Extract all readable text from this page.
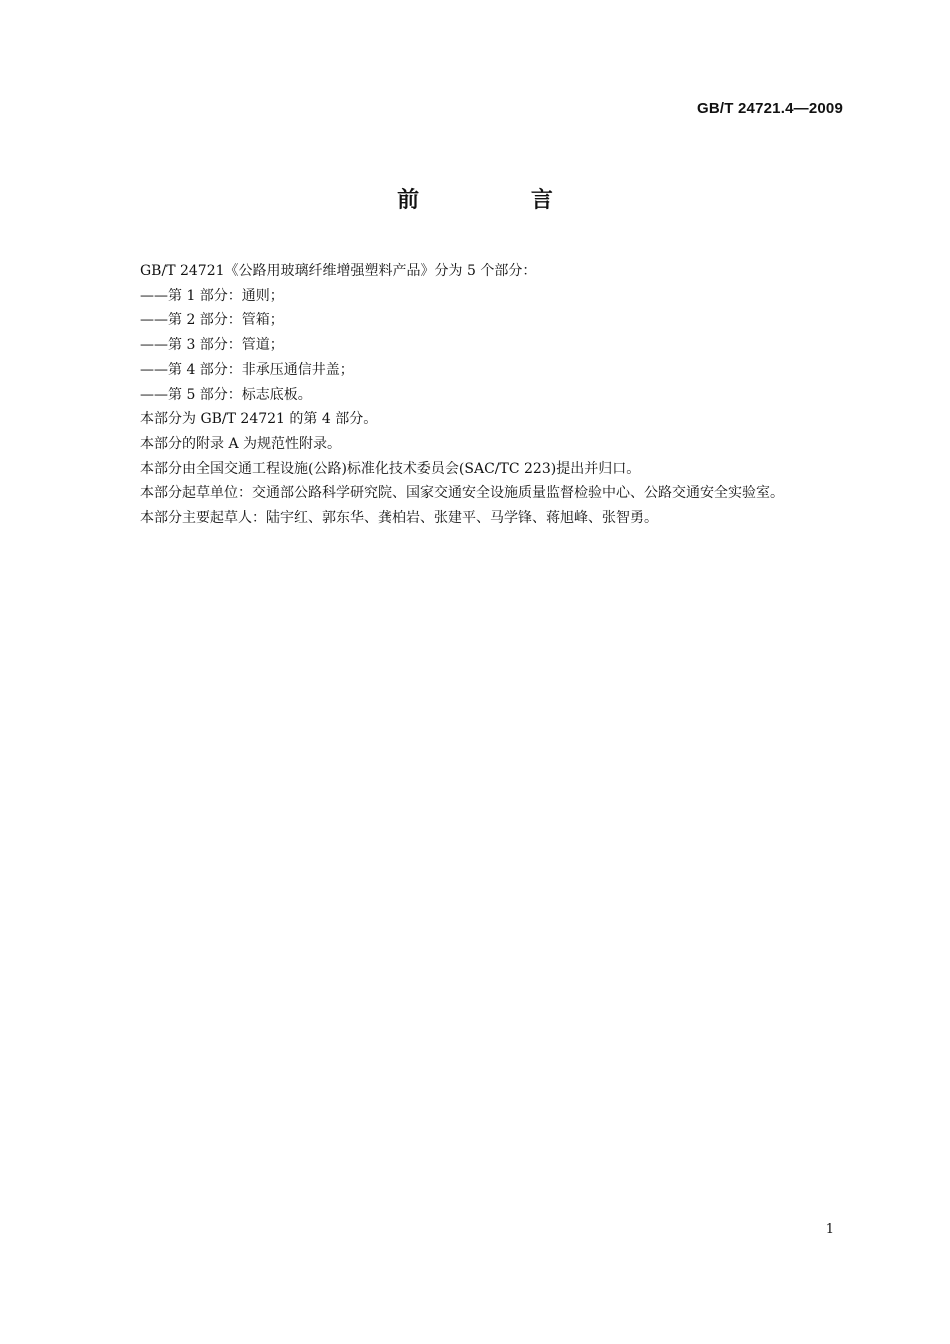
GB/T 24721.4—2009
前 言

GB/T 24721《公路用玻璃纤维增强塑料产品》分为 5 个部分：

——第 1 部分：通则；
——第 2 部分：管箱；
——第 3 部分：管道；
——第 4 部分：非承压通信井盖；
——第 5 部分：标志底板。

本部分为 GB/T 24721 的第 4 部分。

本部分的附录 A 为规范性附录。

本部分由全国交通工程设施(公路)标准化技术委员会(SAC/TC 223)提出并归口。

本部分起草单位：交通部公路科学研究院、国家交通安全设施质量监督检验中心、公路交通安全实验室。

本部分主要起草人：陆宇红、郭东华、龚柏岩、张建平、马学锋、蒋旭峰、张智勇。

1
